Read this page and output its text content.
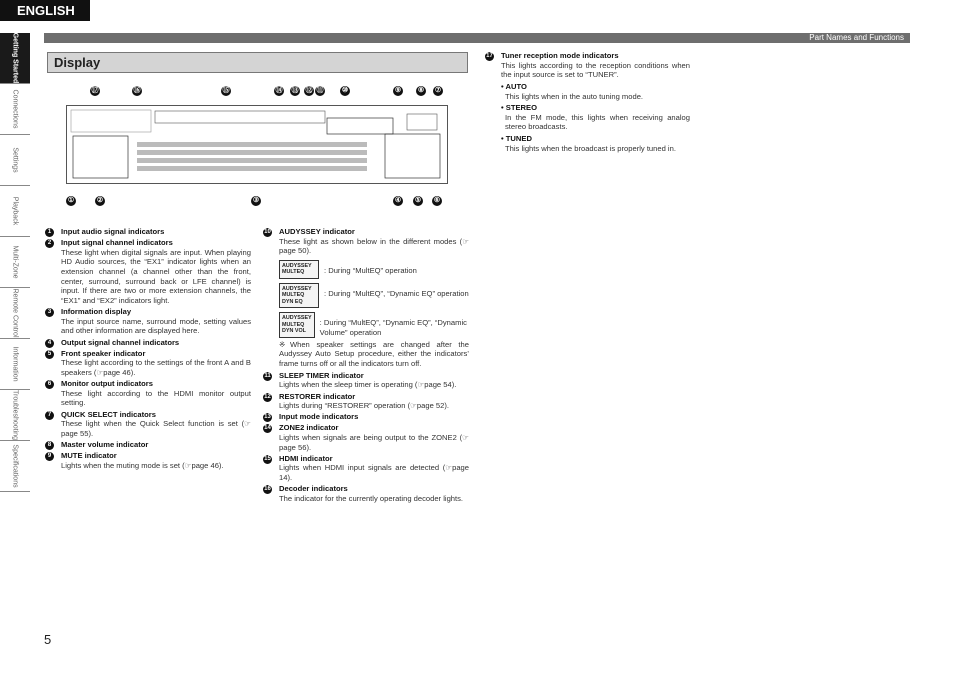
ENGLISH
Part Names and Functions
Getting Started
Connections
Settings
Playback
Multi-Zone
Remote Control
Information
Troubleshooting
Specifications
Display
⑰	⑯	⑮	⑭ ⑬ ⑫ ⑪	⑩	⑨ ⑧ ⑦
①	②	③	④ ⑤ ⑥
1	Input audio signal indicators
2	Input signal channel indicators
These light when digital signals are input. When playing HD Audio sources, the “EX1” indicator lights when an extension channel (a channel other than the front, center, surround, surround back or LFE channel) is input. If there are two or more extension channels, the “EX1” and “EX2” indicators light.
3	Information display
The input source name, surround mode, setting values and other information are displayed here.
4	Output signal channel indicators
5	Front speaker indicator
These light according to the settings of the front A and B speakers (☞page 46).
6	Monitor output indicators
These light according to the HDMI monitor output setting.
7	QUICK SELECT indicators
These light when the Quick Select function is set (☞page 55).
8	Master volume indicator
9	MUTE indicator
Lights when the muting mode is set (☞page 46).
10 AUDYSSEY indicator
These light as shown below in the different modes (☞page 50).
AUDYSSEY
MULTEQ	: During “MultEQ” operation
AUDYSSEY
MULTEQ
DYN EQ
: During “MultEQ”, “Dynamic EQ” operation
AUDYSSEY
MULTEQ
DYN VOL
: During “MultEQ”, “Dynamic EQ”, “Dynamic Volume” operation
※When speaker settings are changed after the Audyssey Auto Setup procedure, either the indicators’ frame turns off or all the indicators turn off.
11 SLEEP TIMER indicator
Lights when the sleep timer is operating (☞page 54).
12 RESTORER indicator
Lights during “RESTORER” operation (☞page 52).
13 Input mode indicators
14 ZONE2 indicator
Lights when signals are being output to the ZONE2 (☞page 56).
15 HDMI indicator
Lights when HDMI input signals are detected (☞page 14).
16 Decoder indicators
The indicator for the currently operating decoder lights.
17 Tuner reception mode indicators
This lights according to the reception conditions when the input source is set to “TUNER”.
• AUTO
This lights when in the auto tuning mode.
• STEREO
In the FM mode, this lights when receiving analog stereo broadcasts.
• TUNED
This lights when the broadcast is properly tuned in.
5
